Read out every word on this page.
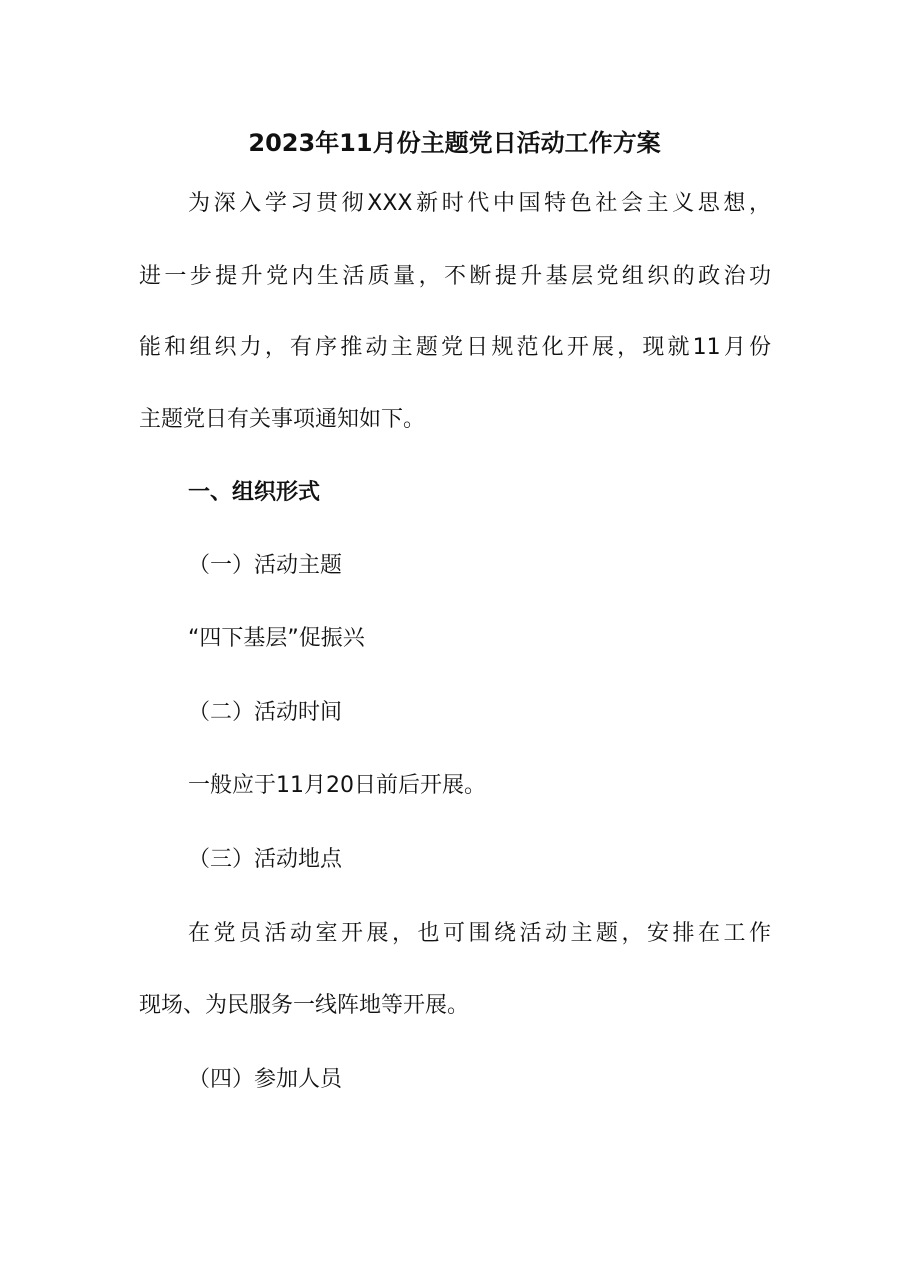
2023年11月份主题党日活动工作方案
为深入学习贯彻XXX新时代中国特色社会主义思想，
进一步提升党内生活质量，不断提升基层党组织的政治功
能和组织力，有序推动主题党日规范化开展，现就11月份
主题党日有关事项通知如下。
一、组织形式
（一）活动主题
“四下基层”促振兴
（二）活动时间
一般应于11月20日前后开展。
（三）活动地点
在党员活动室开展，也可围绕活动主题，安排在工作
现场、为民服务一线阵地等开展。
（四）参加人员
